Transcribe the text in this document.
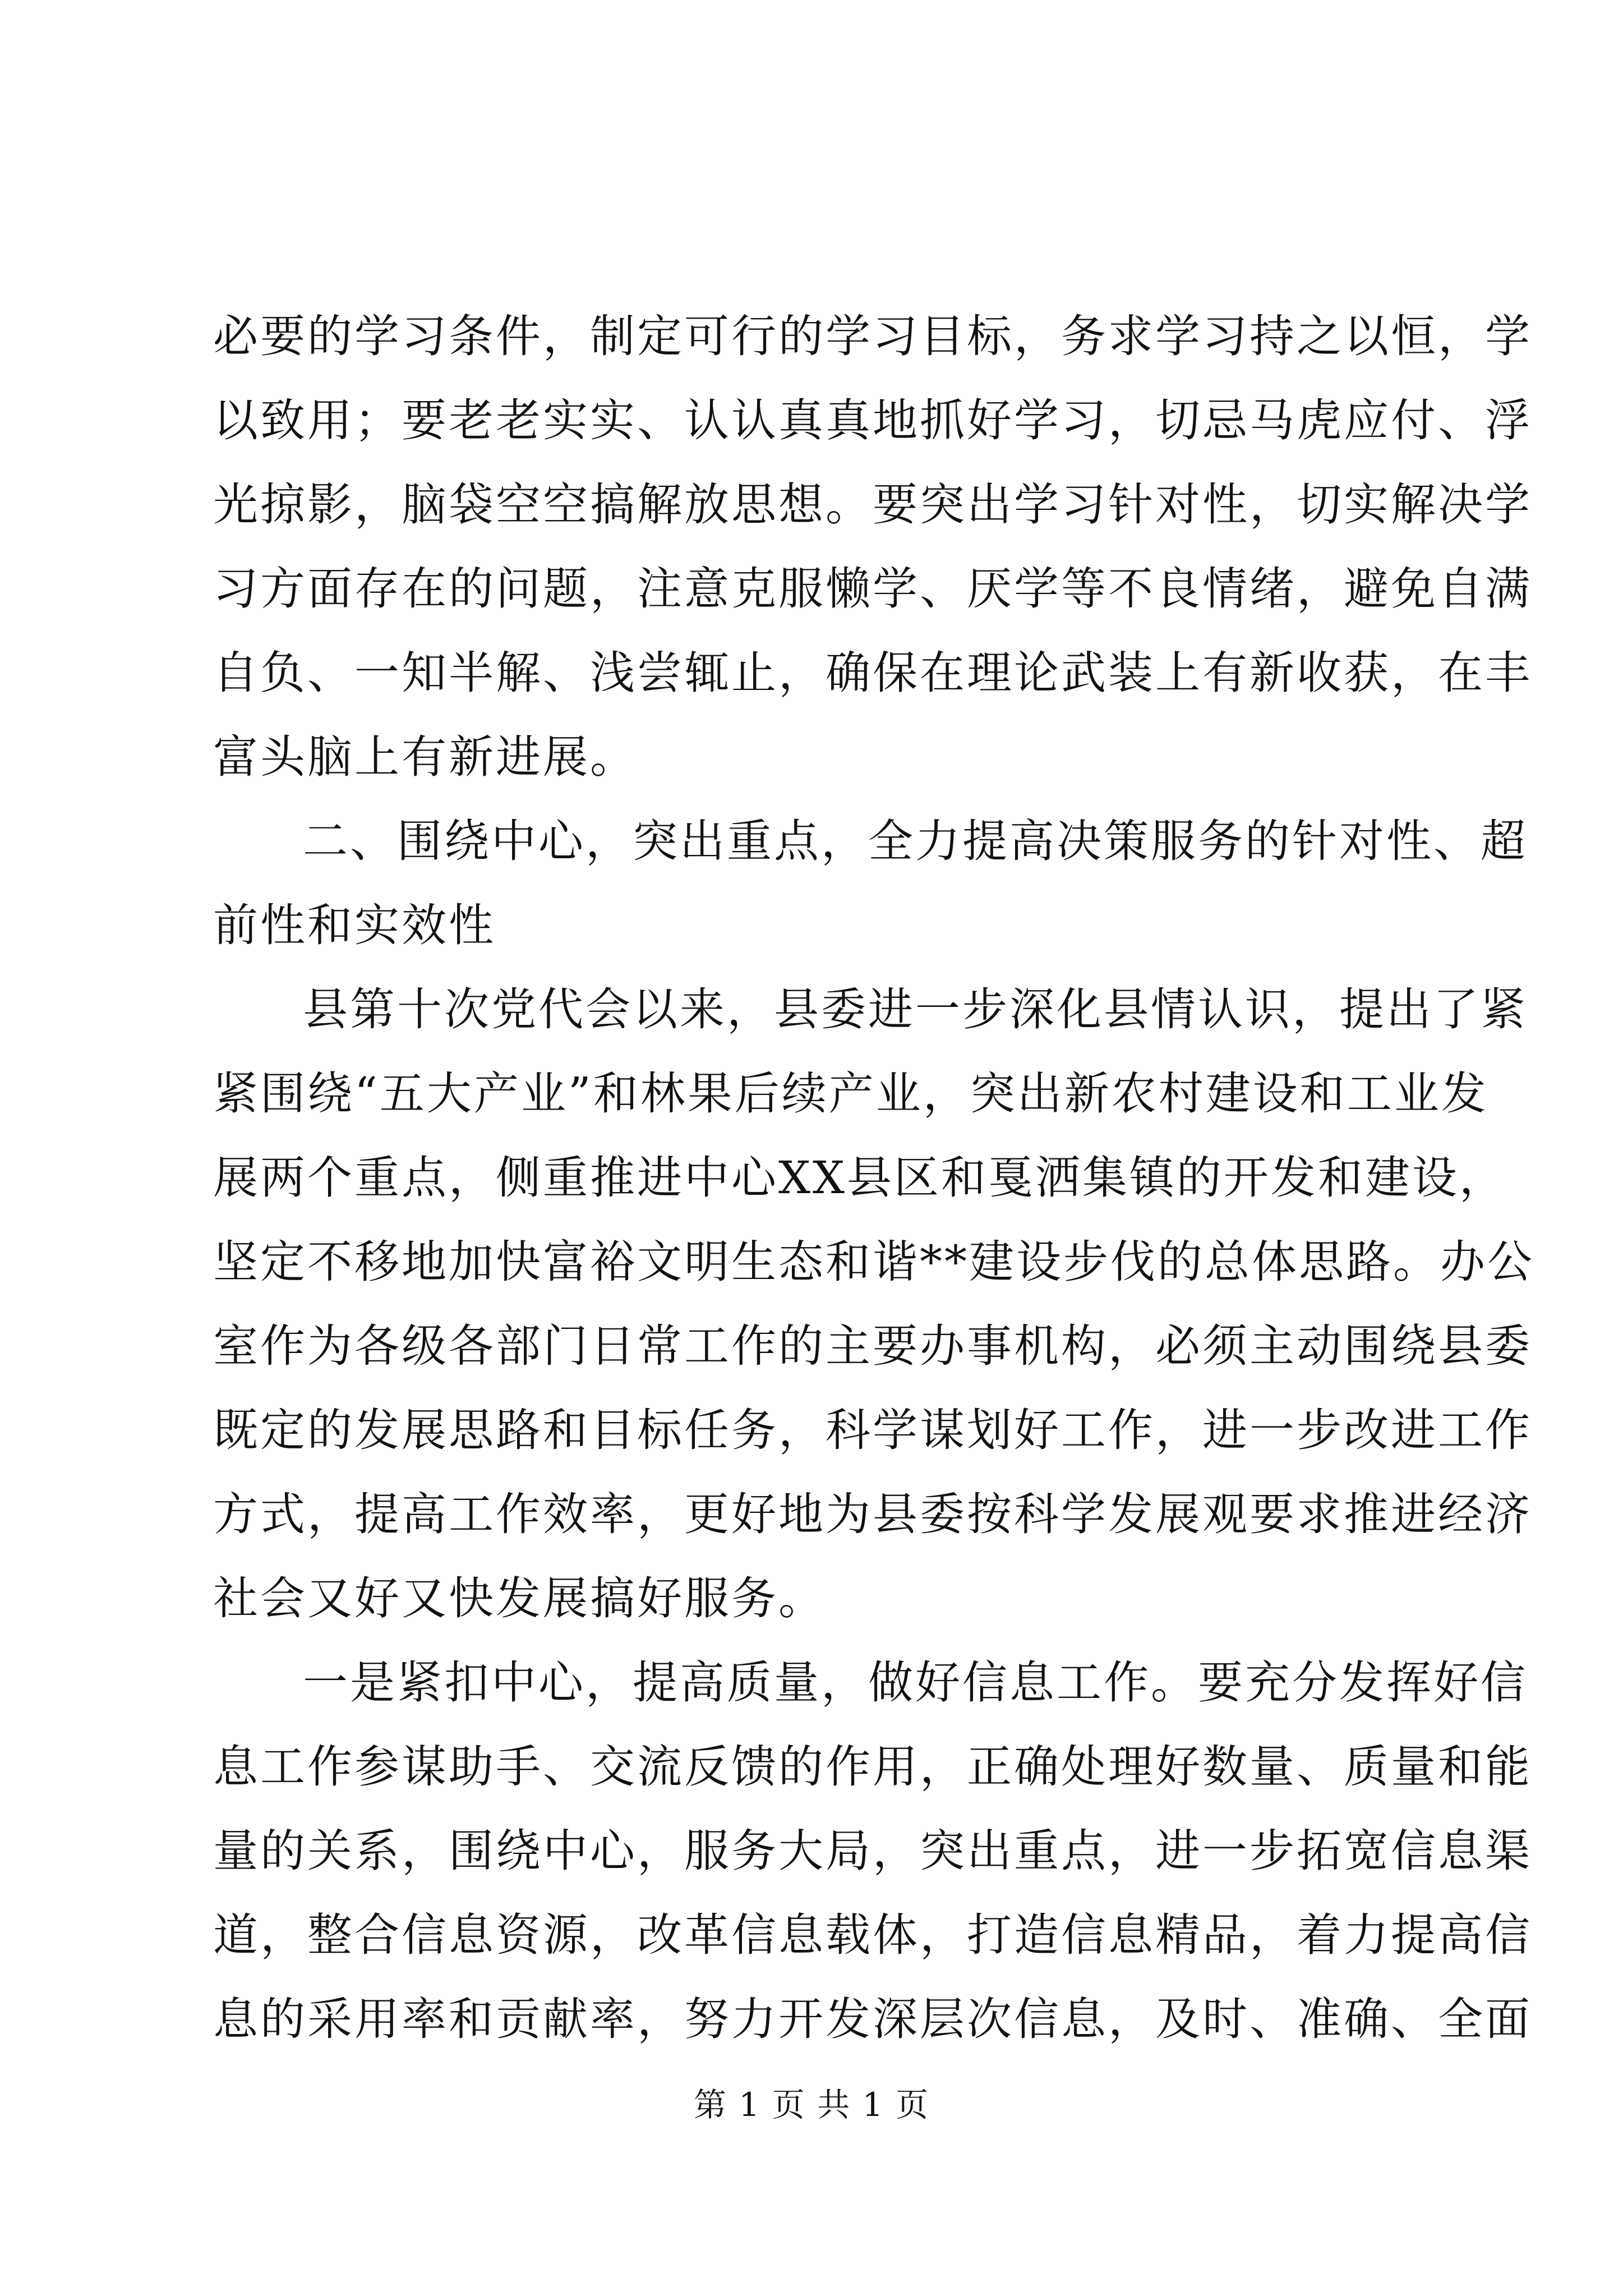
必要的学习条件，制定可行的学习目标，务求学习持之以恒，学
以致用；要老老实实、认认真真地抓好学习，切忌马虎应付、浮
光掠影，脑袋空空搞解放思想。要突出学习针对性，切实解决学
习方面存在的问题，注意克服懒学、厌学等不良情绪，避免自满
自负、一知半解、浅尝辄止，确保在理论武装上有新收获，在丰
富头脑上有新进展。
二、围绕中心，突出重点，全力提高决策服务的针对性、超
前性和实效性
县第十次党代会以来，县委进一步深化县情认识，提出了紧
紧围绕“五大产业”和林果后续产业，突出新农村建设和工业发
展两个重点，侧重推进中心XX县区和戛洒集镇的开发和建设，
坚定不移地加快富裕文明生态和谐**建设步伐的总体思路。办公
室作为各级各部门日常工作的主要办事机构，必须主动围绕县委
既定的发展思路和目标任务，科学谋划好工作，进一步改进工作
方式，提高工作效率，更好地为县委按科学发展观要求推进经济
社会又好又快发展搞好服务。
一是紧扣中心，提高质量，做好信息工作。要充分发挥好信
息工作参谋助手、交流反馈的作用，正确处理好数量、质量和能
量的关系，围绕中心，服务大局，突出重点，进一步拓宽信息渠
道，整合信息资源，改革信息载体，打造信息精品，着力提高信
息的采用率和贡献率，努力开发深层次信息，及时、准确、全面
第 1 页 共 1 页
